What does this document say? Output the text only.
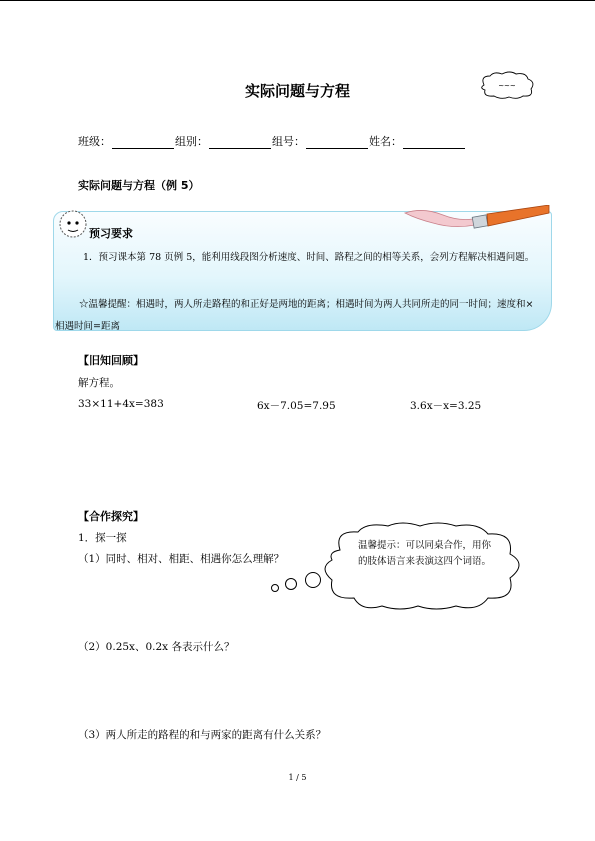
实际问题与方程	~~~
班级：	组别：	组号：	姓名：
实际问题与方程（例 5）
预习要求
1．预习课本第 78 页例 5，能利用线段图分析速度、时间、路程之间的相等关系，会列方程解决相遇问题。
☆温馨提醒：相遇时，两人所走路程的和正好是两地的距离；相遇时间为两人共同所走的同一时间；速度和×相遇时间=距离
【旧知回顾】
解方程。
33×11+4x=383	6x－7.05=7.95	3.6x－x=3.25
【合作探究】
1．探一探
（1）同时、相对、相距、相遇你怎么理解？
温馨提示：可以同桌合作，用你的肢体语言来表演这四个词语。
（2）0.25x、0.2x 各表示什么？
（3）两人所走的路程的和与两家的距离有什么关系？
1 / 5
